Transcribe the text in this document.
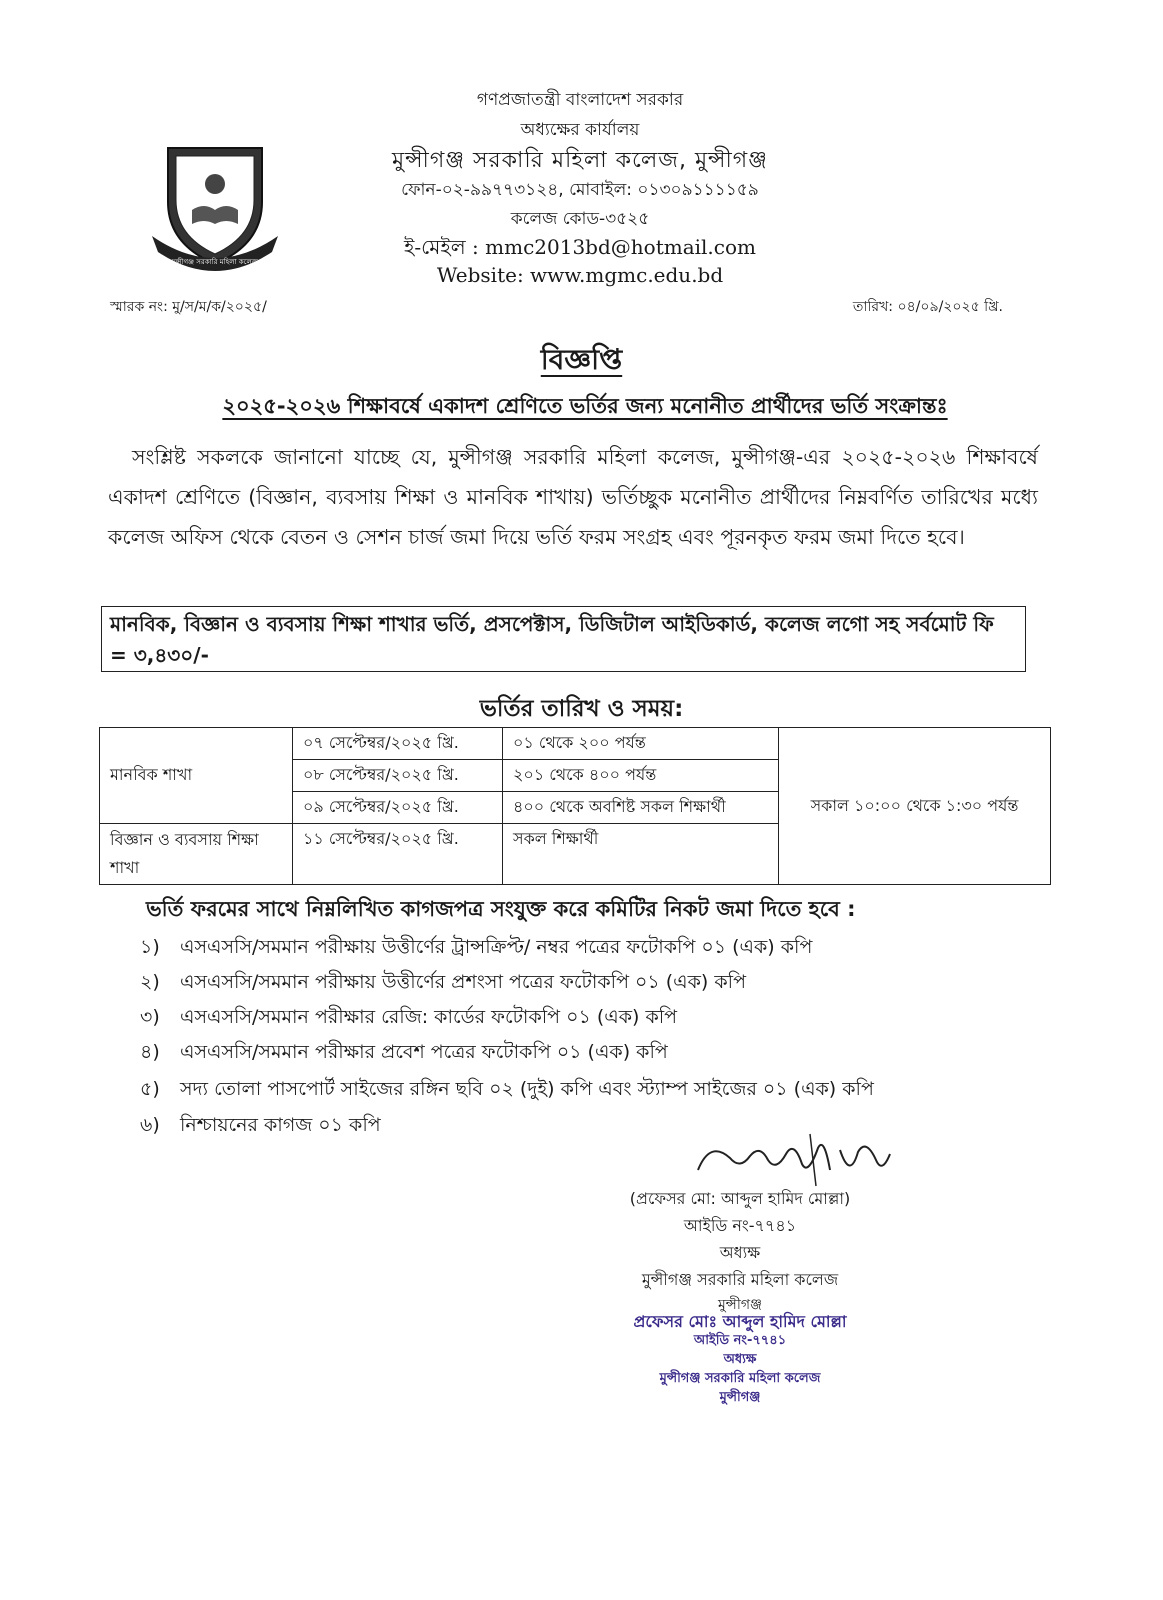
মুন্সীগঞ্জ সরকারি মহিলা কলেজ
গণপ্রজাতন্ত্রী বাংলাদেশ সরকার
অধ্যক্ষের কার্যালয়
মুন্সীগঞ্জ সরকারি মহিলা কলেজ, মুন্সীগঞ্জ
ফোন-০২-৯৯৭৭৩১২৪, মোবাইল: ০১৩০৯১১১১৫৯
কলেজ কোড-৩৫২৫
ই-মেইল : mmc2013bd@hotmail.com
Website: www.mgmc.edu.bd
স্মারক নং: মু/স/ম/ক/২০২৫/	তারিখ: ০৪/০৯/২০২৫ খ্রি.
বিজ্ঞপ্তি
২০২৫-২০২৬ শিক্ষাবর্ষে একাদশ শ্রেণিতে ভর্তির জন্য মনোনীত প্রার্থীদের ভর্তি সংক্রান্তঃ
সংশ্লিষ্ট সকলকে জানানো যাচ্ছে যে, মুন্সীগঞ্জ সরকারি মহিলা কলেজ, মুন্সীগঞ্জ-এর ২০২৫-২০২৬ শিক্ষাবর্ষে একাদশ শ্রেণিতে (বিজ্ঞান, ব্যবসায় শিক্ষা ও মানবিক শাখায়) ভর্তিচ্ছুক মনোনীত প্রার্থীদের নিম্নবর্ণিত তারিখের মধ্যে কলেজ অফিস থেকে বেতন ও সেশন চার্জ জমা দিয়ে ভর্তি ফরম সংগ্রহ এবং পূরনকৃত ফরম জমা দিতে হবে।
মানবিক, বিজ্ঞান ও ব্যবসায় শিক্ষা শাখার ভর্তি, প্রসপেক্টাস, ডিজিটাল আইডিকার্ড, কলেজ লগো সহ সর্বমোট ফি = ৩,৪৩০/-
ভর্তির তারিখ ও সময়:
মানবিক শাখা	০৭ সেপ্টেম্বর/২০২৫ খ্রি.	০১ থেকে ২০০ পর্যন্ত	সকাল ১০:০০ থেকে ১:৩০ পর্যন্ত
	০৮ সেপ্টেম্বর/২০২৫ খ্রি.	২০১ থেকে ৪০০ পর্যন্ত	
	০৯ সেপ্টেম্বর/২০২৫ খ্রি.	৪০০ থেকে অবশিষ্ট সকল শিক্ষার্থী	
বিজ্ঞান ও ব্যবসায় শিক্ষা শাখা	১১ সেপ্টেম্বর/২০২৫ খ্রি.	সকল শিক্ষার্থী	
ভর্তি ফরমের সাথে নিম্নলিখিত কাগজপত্র সংযুক্ত করে কমিটির নিকট জমা দিতে হবে :
১) এসএসসি/সমমান পরীক্ষায় উত্তীর্ণের ট্রান্সক্রিপ্ট/ নম্বর পত্রের ফটোকপি ০১ (এক) কপি
২) এসএসসি/সমমান পরীক্ষায় উত্তীর্ণের প্রশংসা পত্রের ফটোকপি ০১ (এক) কপি
৩) এসএসসি/সমমান পরীক্ষার রেজি: কার্ডের ফটোকপি ০১ (এক) কপি
৪) এসএসসি/সমমান পরীক্ষার প্রবেশ পত্রের ফটোকপি ০১ (এক) কপি
৫) সদ্য তোলা পাসপোর্ট সাইজের রঙ্গিন ছবি ০২ (দুই) কপি এবং স্ট্যাম্প সাইজের ০১ (এক) কপি
৬) নিশ্চায়নের কাগজ ০১ কপি
(প্রফেসর মো: আব্দুল হামিদ মোল্লা)
আইডি নং-৭৭৪১
অধ্যক্ষ
মুন্সীগঞ্জ সরকারি মহিলা কলেজ
মুন্সীগঞ্জ
প্রফেসর মোঃ আব্দুল হামিদ মোল্লা
আইডি নং-৭৭৪১
অধ্যক্ষ
মুন্সীগঞ্জ সরকারি মহিলা কলেজ
মুন্সীগঞ্জ
